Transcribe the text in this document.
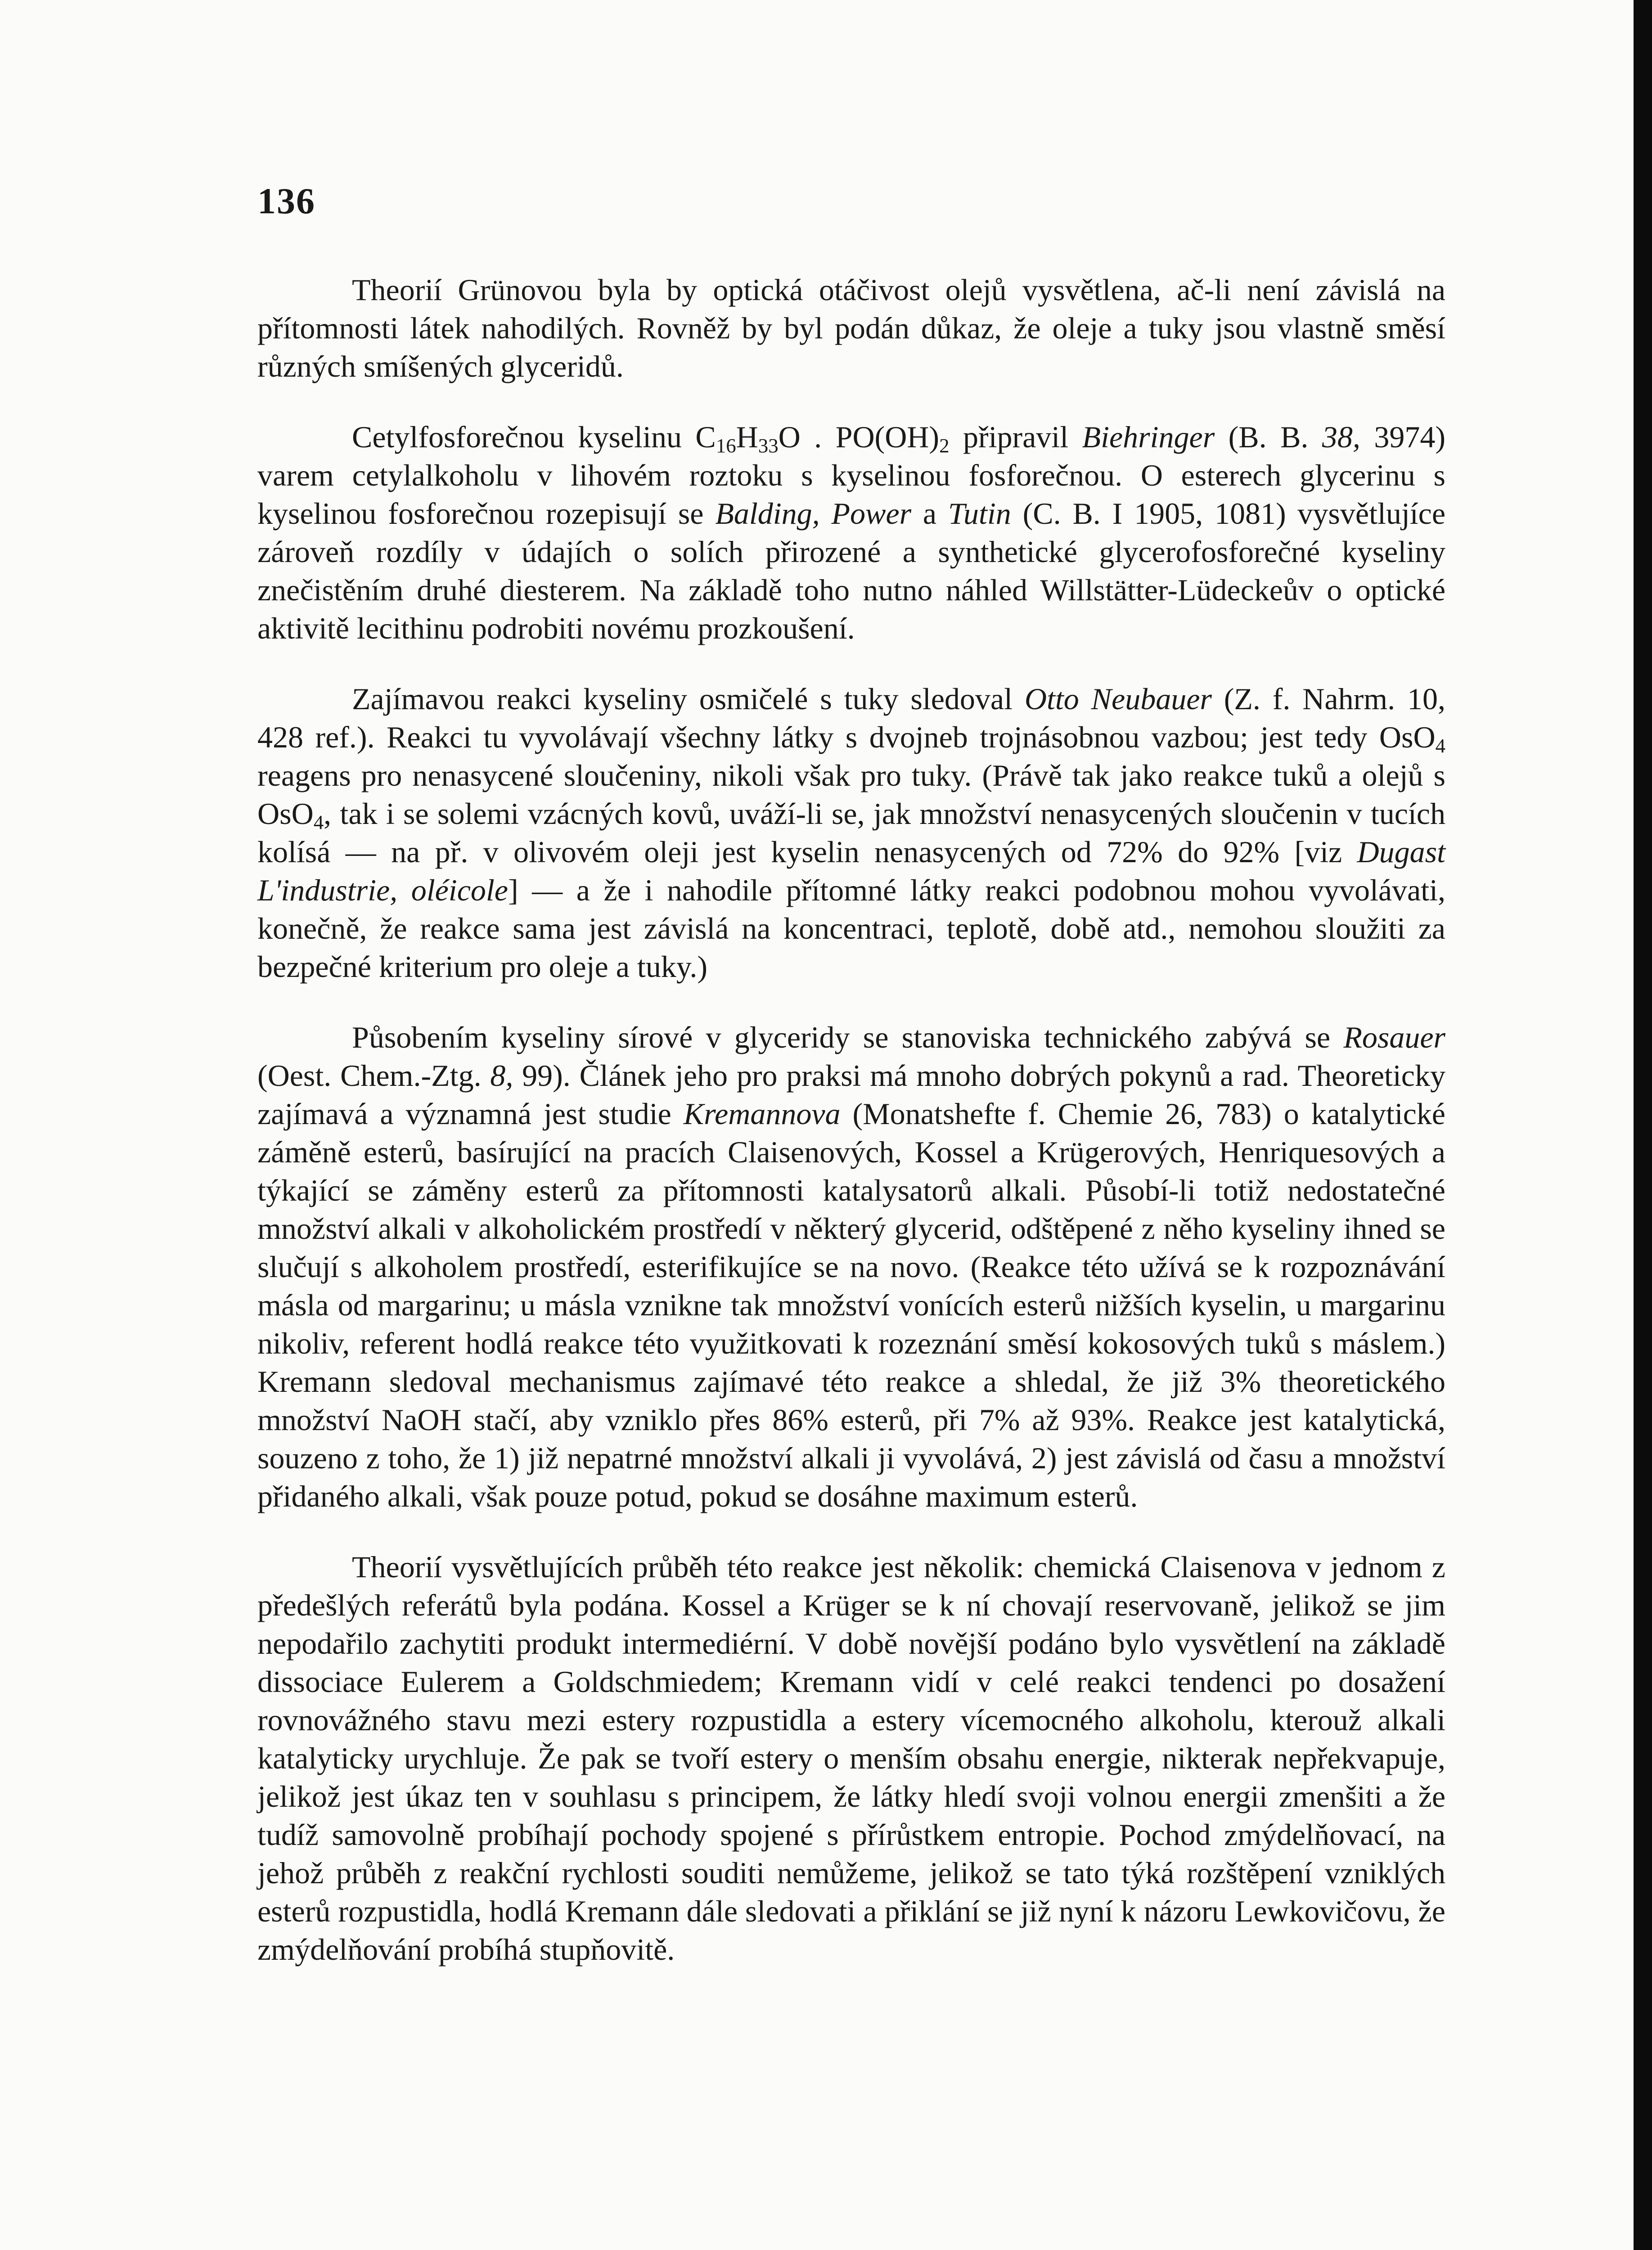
136

Theorií Grünovou byla by optická otáčivost olejů vysvětlena, ač-li není závislá na přítomnosti látek nahodilých. Rovněž by byl podán důkaz, že oleje a tuky jsou vlastně směsí různých smíšených glyceridů.

Cetylfosforečnou kyselinu $C_{16}H_{33}O$ . $PO(OH)_2$ připravil Biehringer (B. B. 38, 3974) varem cetylalkoholu v lihovém roztoku s kyselinou fosforečnou. O esterech glycerinu s kyselinou fosforečnou rozepisují se Balding, Power a Tutin (C. B. I 1905, 1081) vysvětlujíce zároveň rozdíly v údajích o solích přirozené a synthetické glycerofosforečné kyseliny znečistěním druhé diesterem. Na základě toho nutno náhled Willstätter-Lüdeckeův o optické aktivitě lecithinu podrobiti novému prozkoušení.

Zajímavou reakci kyseliny osmičelé s tuky sledoval Otto Neubauer (Z. f. Nahrm. 10, 428 ref.). Reakci tu vyvolávají všechny látky s dvojneb trojnásobnou vazbou; jest tedy OsO$_4$ reagens pro nenasycené sloučeniny, nikoli však pro tuky. (Právě tak jako reakce tuků a olejů s OsO$_4$, tak i se solemi vzácných kovů, uváží-li se, jak množství nenasycených sloučenin v tucích kolísá — na př. v olivovém oleji jest kyselin nenasycených od 72% do 92% [viz Dugast L'industrie, oléicole] — a že i nahodile přítomné látky reakci podobnou mohou vyvolávati, konečně, že reakce sama jest závislá na koncentraci, teplotě, době atd., nemohou sloužiti za bezpečné kriterium pro oleje a tuky.)

Působením kyseliny sírové v glyceridy se stanoviska technického zabývá se Rosauer (Oest. Chem.-Ztg. 8, 99). Článek jeho pro praksi má mnoho dobrých pokynů a rad. Theoreticky zajímavá a významná jest studie Kremannova (Monatshefte f. Chemie 26, 783) o katalytické záměně esterů, basírující na pracích Claisenových, Kossel a Krügerových, Henriquesových a týkající se záměny esterů za přítomnosti katalysatorů alkali. Působí-li totiž nedostatečné množství alkali v alkoholickém prostředí v některý glycerid, odštěpené z něho kyseliny ihned se slučují s alkoholem prostředí, esterifikujíce se na novo. (Reakce této užívá se k rozpoznávání másla od margarinu; u másla vznikne tak množství vonících esterů nižších kyselin, u margarinu nikoliv, referent hodlá reakce této využitkovati k rozeznání směsí kokosových tuků s máslem.) Kremann sledoval mechanismus zajímavé této reakce a shledal, že již 3% theoretického množství NaOH stačí, aby vzniklo přes 86% esterů, při 7% až 93%. Reakce jest katalytická, souzeno z toho, že 1) již nepatrné množství alkali ji vyvolává, 2) jest závislá od času a množství přidaného alkali, však pouze potud, pokud se dosáhne maximum esterů.

Theorií vysvětlujících průběh této reakce jest několik: chemická Claisenova v jednom z předešlých referátů byla podána. Kossel a Krüger se k ní chovají reservovaně, jelikož se jim nepodařilo zachytiti produkt intermediérní. V době novější podáno bylo vysvětlení na základě dissociace Eulerem a Goldschmiedem; Kremann vidí v celé reakci tendenci po dosažení rovnovážného stavu mezi estery rozpustidla a estery vícemocného alkoholu, kterouž alkali katalyticky urychluje. Že pak se tvoří estery o menším obsahu energie, nikterak nepřekvapuje, jelikož jest úkaz ten v souhlasu s principem, že látky hledí svoji volnou energii zmenšiti a že tudíž samovolně probíhají pochody spojené s přírůstkem entropie. Pochod zmýdelňovací, na jehož průběh z reakční rychlosti souditi nemůžeme, jelikož se tato týká rozštěpení vzniklých esterů rozpustidla, hodlá Kremann dále sledovati a přiklání se již nyní k názoru Lewkovičovu, že zmýdelňování probíhá stupňovitě.
